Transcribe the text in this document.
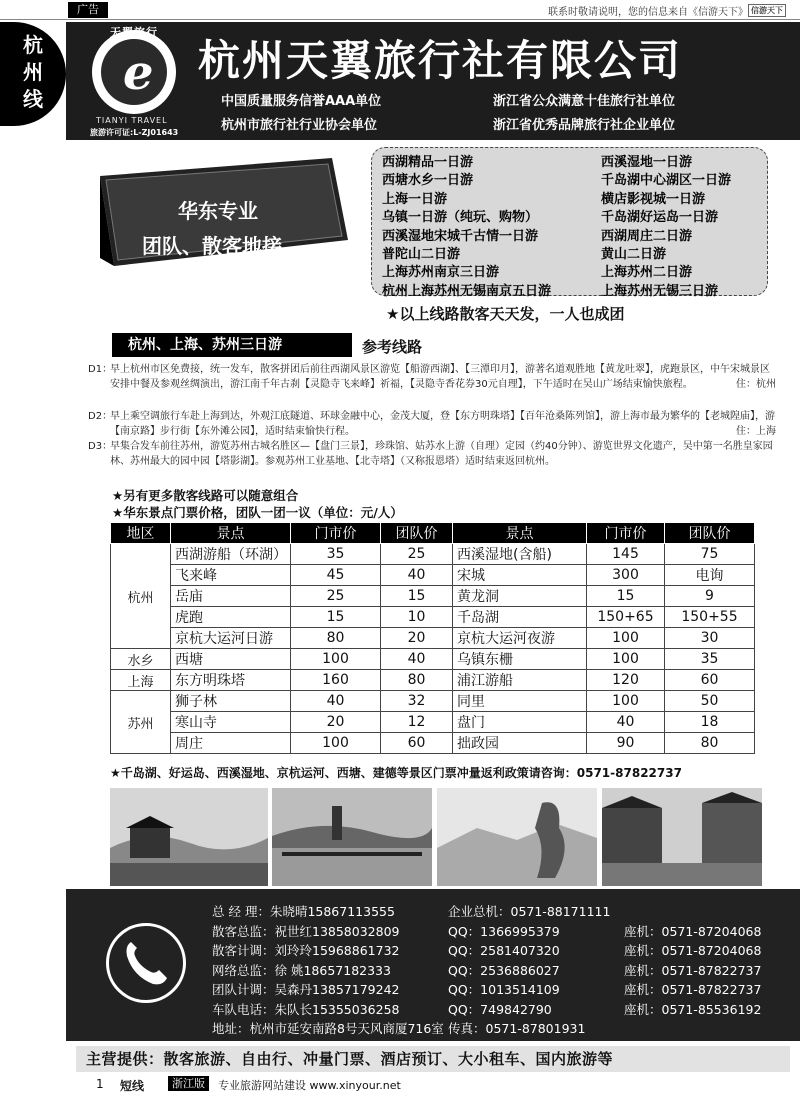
广告	联系时敬请说明，您的信息来自《信游天下》 信游天下
杭
州
线 e
天翼旅行
TIANYI TRAVEL
旅游许可证:L-ZJ01643
杭州天翼旅行社有限公司
中国质量服务信誉AAA单位	浙江省公众满意十佳旅行社单位 杭州市旅行社行业协会单位	浙江省优秀品牌旅行社企业单位
华东专业
团队、散客地接
西湖精品一日游
西塘水乡一日游
上海一日游
乌镇一日游（纯玩、购物）
西溪湿地宋城千古情一日游
普陀山二日游
上海苏州南京三日游
杭州上海苏州无锡南京五日游
西溪湿地一日游
千岛湖中心湖区一日游
横店影视城一日游
千岛湖好运岛一日游
西湖周庄二日游
黄山二日游
上海苏州二日游
上海苏州无锡三日游
★以上线路散客天天发，一人也成团
杭州、上海、苏州三日游	参考线路
D1：
早上杭州市区免费接，统一发车，散客拼团后前往西湖风景区游览【船游西湖】、【三潭印月】，游著名道观胜地【黄龙吐翠】，虎跑景区，中午宋城景区安排中餐及参观丝绸演出，游江南千年古刹【灵隐寺飞来峰】祈福，【灵隐寺香花券30元自理】，下午适时在吴山广场结束愉快旅程。	住：杭州
D2：
早上乘空调旅行车赴上海到达，外观江底隧道、环球金融中心，金茂大厦，登【东方明珠塔】【百年沧桑陈列馆】，游上海市最为繁华的【老城隍庙】，游【南京路】步行街【东外滩公园】，适时结束愉快行程。	住：上海
D3：
早集合发车前往苏州，游览苏州古城名胜区—【盘门三景】，珍珠馆、姑苏水上游（自理）定园（约40分钟）、游览世界文化遗产，吴中第一名胜皇家园林、苏州最大的园中园【塔影湖】。参观苏州工业基地、【北寺塔】（又称报恩塔）适时结束返回杭州。
★另有更多散客线路可以随意组合
★华东景点门票价格，团队一团一议（单位：元/人）
地区	景点	门市价	团队价	景点	门市价	团队价
杭州	西湖游船（环湖）	35	25	西溪湿地(含船)	145	75
	飞来峰	45	40	宋城	300	电询
	岳庙	25	15	黄龙洞	15	9
	虎跑	15	10	千岛湖	150+65	150+55
	京杭大运河日游	80	20	京杭大运河夜游	100	30
水乡	西塘	100	40	乌镇东栅	100	35
上海	东方明珠塔	160	80	浦江游船	120	60
苏州	狮子林	40	32	同里	100	50
	寒山寺	20	12	盘门	40	18
	周庄	100	60	拙政园	90	80
★千岛湖、好运岛、西溪湿地、京杭运河、西塘、建德等景区门票冲量返利政策请咨询：0571-87822737
总 经 理：朱晓晴15867113555	企业总机：0571-88171111
散客总监：祝世红13858032809	QQ：1366995379	座机：0571-87204068
散客计调：刘玲玲15968861732	QQ：2581407320	座机：0571-87204068
网络总监：徐 姚18657182333	QQ：2536886027	座机：0571-87822737
团队计调：吴森丹13857179242	QQ：1013514109	座机：0571-87822737
车队电话：朱队长15355036258	QQ：749842790	座机：0571-85536192
地址：杭州市延安南路8号天风商厦716室 传真：0571-87801931
主营提供：散客旅游、自由行、冲量门票、酒店预订、大小租车、国内旅游等
1 短线	浙江版	专业旅游网站建设 www.xinyour.net
